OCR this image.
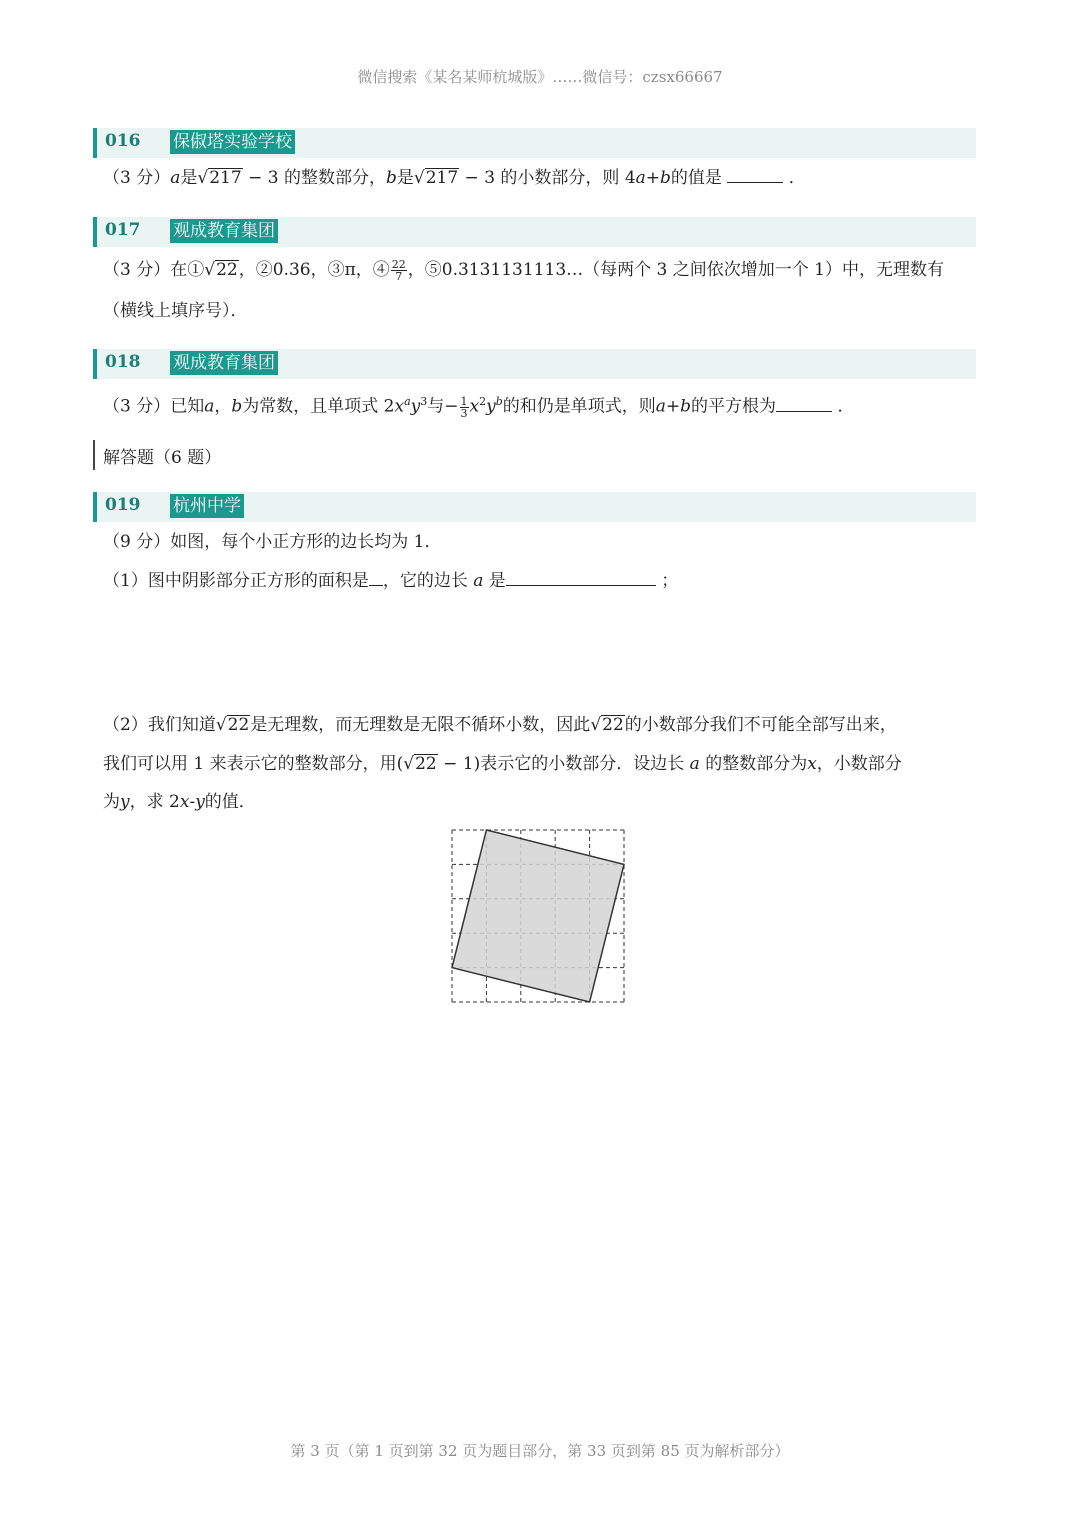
微信搜索《某名某师杭城版》……微信号：czsx66667
016 保俶塔实验学校
（3 分）a是√217 − 3 的整数部分，b是√217 − 3 的小数部分，则 4a+b的值是	．
017 观成教育集团
（3 分）在①√22，②0.36，③π，④ $\frac{22}{7}$ ，⑤0.3131131113…（每两个 3 之间依次增加一个 1）中，无理数有
（横线上填序号）．
018 观成教育集团
（3 分）已知a，b为常数，且单项式 $2x^ay^3$与− $\frac{1}{3} x^2y^b$的和仍是单项式，则a+b的平方根为	．
解答题（6 题）
019 杭州中学
（9 分）如图，每个小正方形的边长均为 1．
（1）图中阴影部分正方形的面积是 ，它的边长 a 是	；
（2）我们知道√22是无理数，而无理数是无限不循环小数，因此√22的小数部分我们不可能全部写出来，
我们可以用 1 来表示它的整数部分，用(√22 − 1)表示它的小数部分．设边长 a 的整数部分为x，小数部分
为y，求 2x-y的值．
第 3 页（第 1 页到第 32 页为题目部分，第 33 页到第 85 页为解析部分）
